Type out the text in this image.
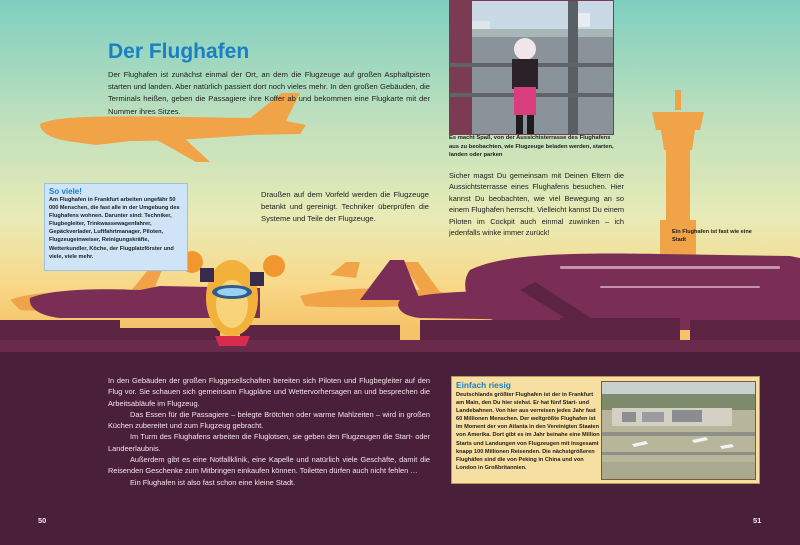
Der Flughafen
Der Flughafen ist zunächst einmal der Ort, an dem die Flugzeuge auf großen Asphaltpisten starten und landen. Aber natürlich passiert dort noch vieles mehr. In den großen Gebäuden, die Terminals heißen, geben die Passagiere ihre Koffer ab und bekommen eine Flugkarte mit der Nummer ihres Sitzes.
So viele!
Am Flughafen in Frankfurt arbeiten ungefähr 50 000 Menschen, die fast alle in der Umgebung des Flughafens wohnen. Darunter sind: Techniker, Flugbegleiter, Trinkwassewagenfahrer, Gepäckverlader, Luftfahrtmanager, Piloten, Flugzeugeinweiser, Reinigungskräfte, Wetterkundler, Köche, der Flugplatzförster und viele, viele mehr.
Draußen auf dem Vorfeld werden die Flugzeuge betankt und gereinigt. Techniker überprüfen die Systeme und Teile der Flugzeuge.

In den Gebäuden der großen Fluggesellschaften bereiten sich Piloten und Flugbegleiter auf den Flug vor. Sie schauen sich gemeinsam Flugpläne und Wettervorhersagen an und besprechen die Arbeitsabläufe im Flugzeug.

Das Essen für die Passagiere – belegte Brötchen oder warme Mahlzeiten – wird in großen Küchen zubereitet und zum Flugzeug gebracht.

Im Turm des Flughafens arbeiten die Fluglotsen, sie geben den Flugzeugen die Start- oder Landeerlaubnis.

Außerdem gibt es eine Notfallklinik, eine Kapelle und natürlich viele Geschäfte, damit die Reisenden Geschenke zum Mitbringen einkaufen können. Toiletten dürfen auch nicht fehlen …

Ein Flughafen ist also fast schon eine kleine Stadt.

50
Es macht Spaß, von der Aussichtsterrasse des Flughafens aus zu beobachten, wie Flugzeuge beladen werden, starten, landen oder parken
Sicher magst Du gemeinsam mit Deinen Eltern die Aussichtsterrasse eines Flughafens besuchen. Hier kannst Du beobachten, wie viel Bewegung an so einem Flughafen herrscht. Vielleicht kannst Du einem Piloten im Cockpit auch einmal zuwinken – ich jedenfalls winke immer zurück!	Ein Flughafen ist fast wie eine Stadt
Einfach riesig
Deutschlands größter Flughafen ist der in Frankfurt am Main, den Du hier siehst. Er hat fünf Start- und Landebahnen. Von hier aus verreisen jedes Jahr fast 60 Millionen Menschen. Der weltgrößte Flughafen ist im Moment der von Atlanta in den Vereinigten Staaten von Amerika. Dort gibt es im Jahr beinahe eine Million Starts und Landungen von Flugzeugen mit insgesamt knapp 100 Millionen Reisenden. Die nächstgrößeren Flughäfen sind die von Peking in China und von London in Großbritannien.
51
